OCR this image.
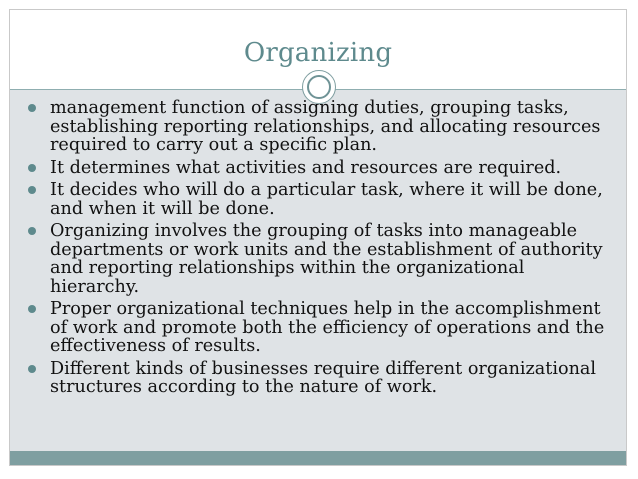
Organizing
management function of assigning duties, grouping tasks, establishing reporting relationships, and allocating resources required to carry out a specific plan.
It determines what activities and resources are required.
It decides who will do a particular task, where it will be done, and when it will be done.
Organizing involves the grouping of tasks into manageable departments or work units and the establishment of authority and reporting relationships within the organizational hierarchy.
Proper organizational techniques help in the accomplishment of work and promote both the efficiency of operations and the effectiveness of results.
Different kinds of businesses require different organizational structures according to the nature of work.
